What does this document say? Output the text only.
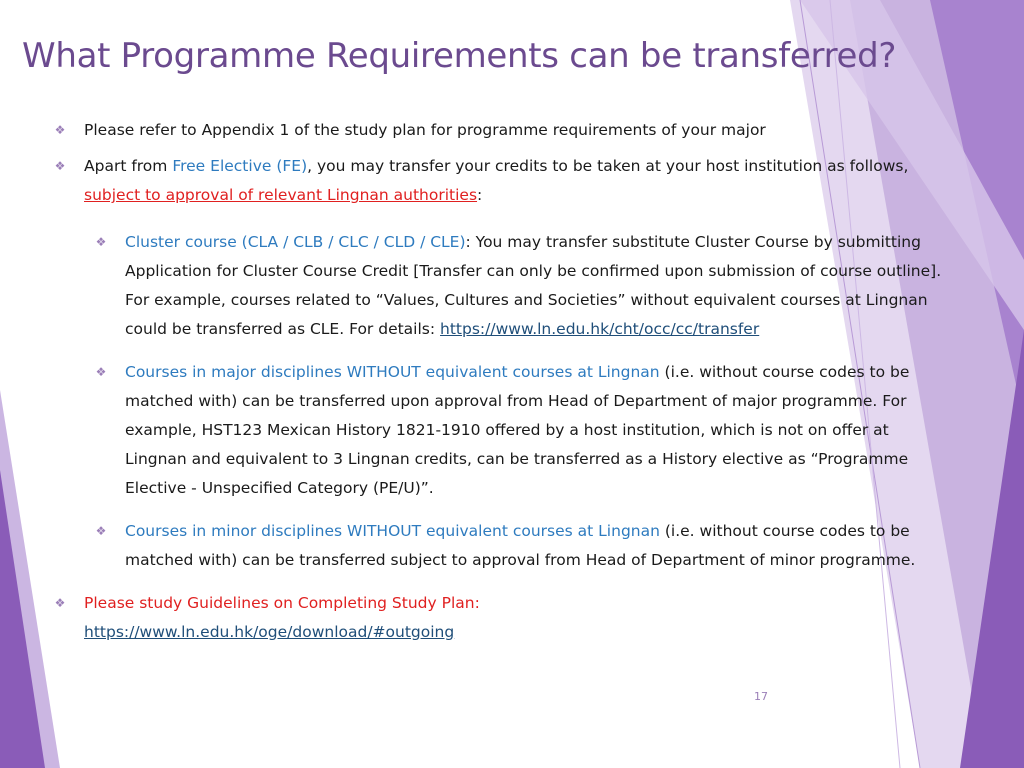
What Programme Requirements can be transferred?
❖ Please refer to Appendix 1 of the study plan for programme requirements of your major
❖ Apart from Free Elective (FE), you may transfer your credits to be taken at your host institution as follows, subject to approval of relevant Lingnan authorities:
❖ Cluster course (CLA / CLB / CLC / CLD / CLE): You may transfer substitute Cluster Course by submitting Application for Cluster Course Credit [Transfer can only be confirmed upon submission of course outline]. For example, courses related to “Values, Cultures and Societies” without equivalent courses at Lingnan could be transferred as CLE. For details: https://www.ln.edu.hk/cht/occ/cc/transfer
❖ Courses in major disciplines WITHOUT equivalent courses at Lingnan (i.e. without course codes to be matched with) can be transferred upon approval from Head of Department of major programme. For example, HST123 Mexican History 1821-1910 offered by a host institution, which is not on offer at Lingnan and equivalent to 3 Lingnan credits, can be transferred as a History elective as “Programme Elective - Unspecified Category (PE/U)”.
❖ Courses in minor disciplines WITHOUT equivalent courses at Lingnan (i.e. without course codes to be matched with) can be transferred subject to approval from Head of Department of minor programme.
❖ Please study Guidelines on Completing Study Plan:
https://www.ln.edu.hk/oge/download/#outgoing
17
